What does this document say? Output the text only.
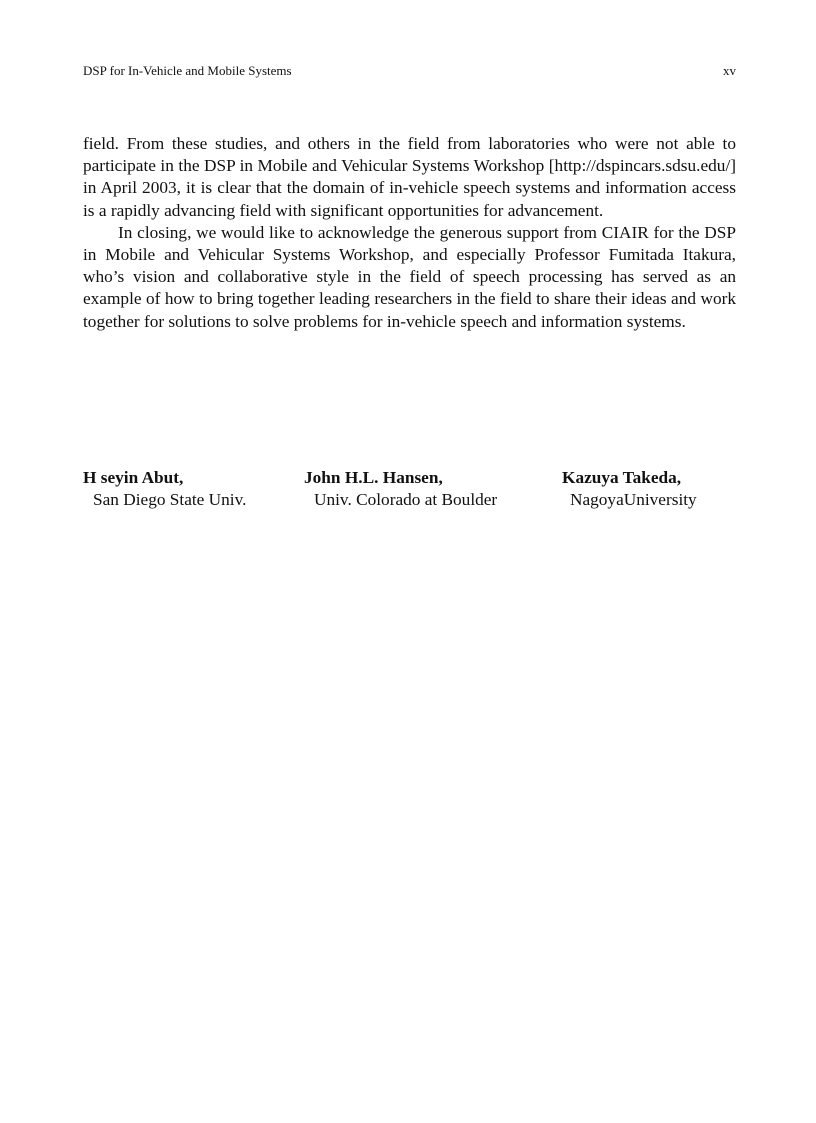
DSP for In-Vehicle and Mobile Systems	xv

field. From these studies, and others in the field from laboratories who were not able to participate in the DSP in Mobile and Vehicular Systems Workshop [http://dspincars.sdsu.edu/] in April 2003, it is clear that the domain of in-vehicle speech systems and information access is a rapidly advancing field with significant opportunities for advancement.

In closing, we would like to acknowledge the generous support from CIAIR for the DSP in Mobile and Vehicular Systems Workshop, and especially Professor Fumitada Itakura, who’s vision and collaborative style in the field of speech processing has served as an example of how to bring together leading researchers in the field to share their ideas and work together for solutions to solve problems for in-vehicle speech and information systems.

H seyin Abut,
San Diego State Univ.
John H.L. Hansen,
Univ. Colorado at Boulder
Kazuya Takeda,
NagoyaUniversity
